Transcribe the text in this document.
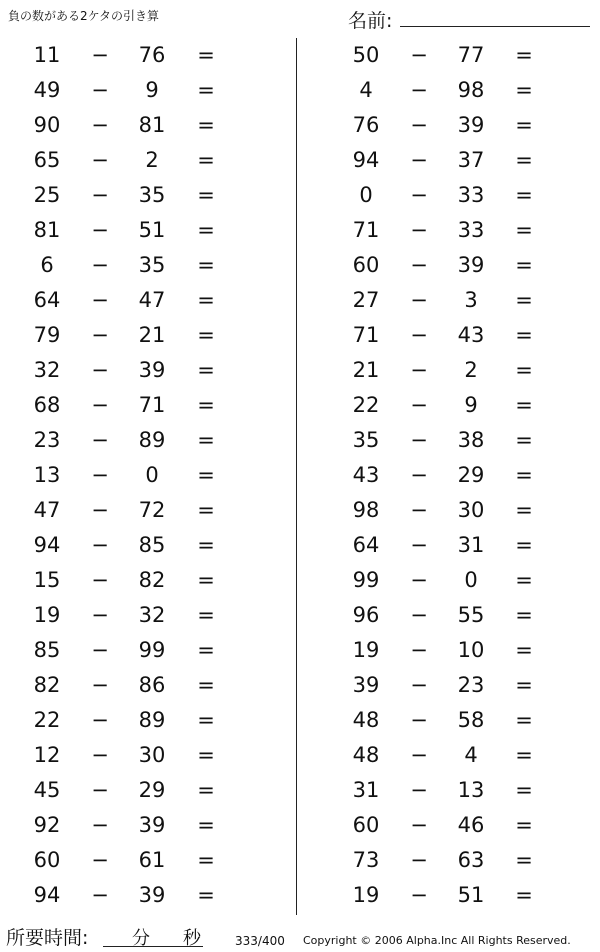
負の数がある2ケタの引き算	名前:
11	−	76	=
49	−	9	=
90	−	81	=
65	−	2	=
25	−	35	=
81	−	51	=
6	−	35	=
64	−	47	=
79	−	21	=
32	−	39	=
68	−	71	=
23	−	89	=
13	−	0	=
47	−	72	=
94	−	85	=
15	−	82	=
19	−	32	=
85	−	99	=
82	−	86	=
22	−	89	=
12	−	30	=
45	−	29	=
92	−	39	=
60	−	61	=
94	−	39	=
50	−	77	=
4	−	98	=
76	−	39	=
94	−	37	=
0	−	33	=
71	−	33	=
60	−	39	=
27	−	3	=
71	−	43	=
21	−	2	=
22	−	9	=
35	−	38	=
43	−	29	=
98	−	30	=
64	−	31	=
99	−	0	=
96	−	55	=
19	−	10	=
39	−	23	=
48	−	58	=
48	−	4	=
31	−	13	=
60	−	46	=
73	−	63	=
19	−	51	=
所要時間: 分 秒	333/400 Copyright © 2006 Alpha.Inc All Rights Reserved.
